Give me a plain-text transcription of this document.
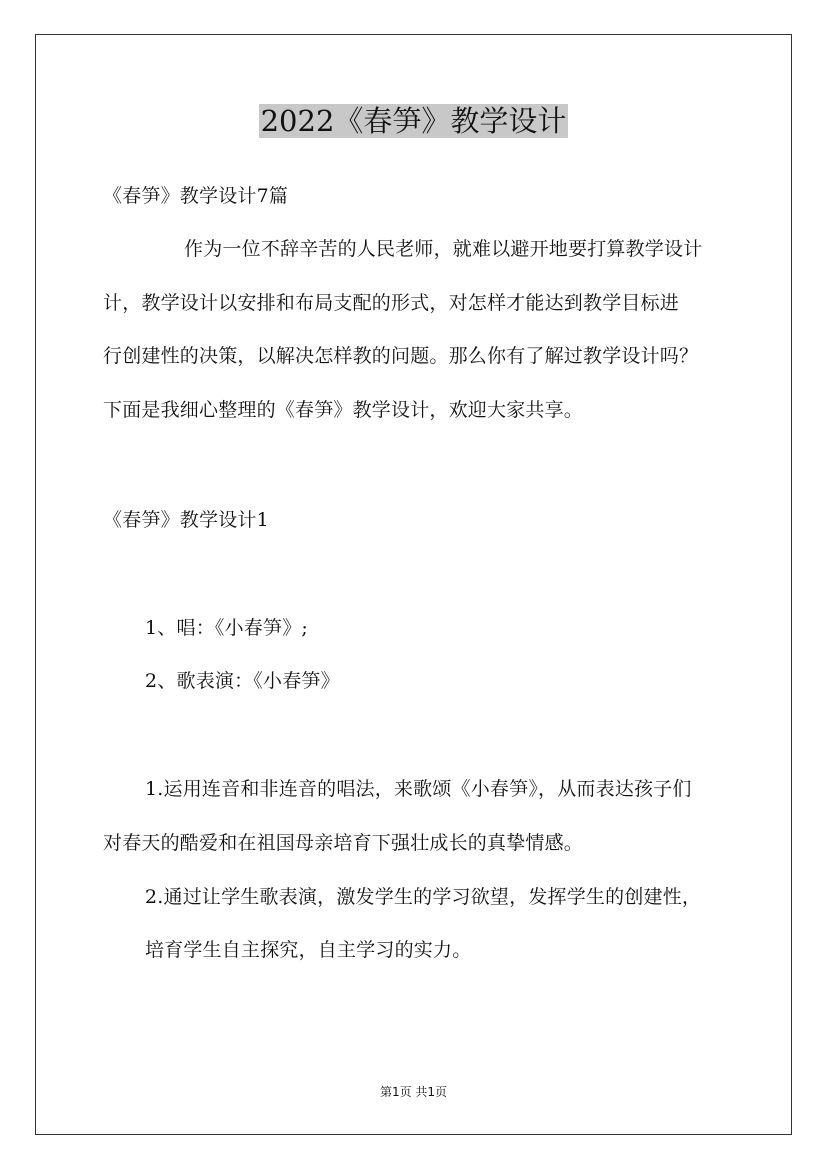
2022《春笋》教学设计
《春笋》教学设计7篇
作为一位不辞辛苦的人民老师，就难以避开地要打算教学设计
计，教学设计以安排和布局支配的形式，对怎样才能达到教学目标进
行创建性的决策，以解决怎样教的问题。那么你有了解过教学设计吗？
下面是我细心整理的《春笋》教学设计，欢迎大家共享。
《春笋》教学设计1
1、唱：《小春笋》;
2、歌表演：《小春笋》
1.运用连音和非连音的唱法，来歌颂《小春笋》，从而表达孩子们
对春天的酷爱和在祖国母亲培育下强壮成长的真挚情感。
2.通过让学生歌表演，激发学生的学习欲望，发挥学生的创建性，
培育学生自主探究，自主学习的实力。
第1页 共1页
